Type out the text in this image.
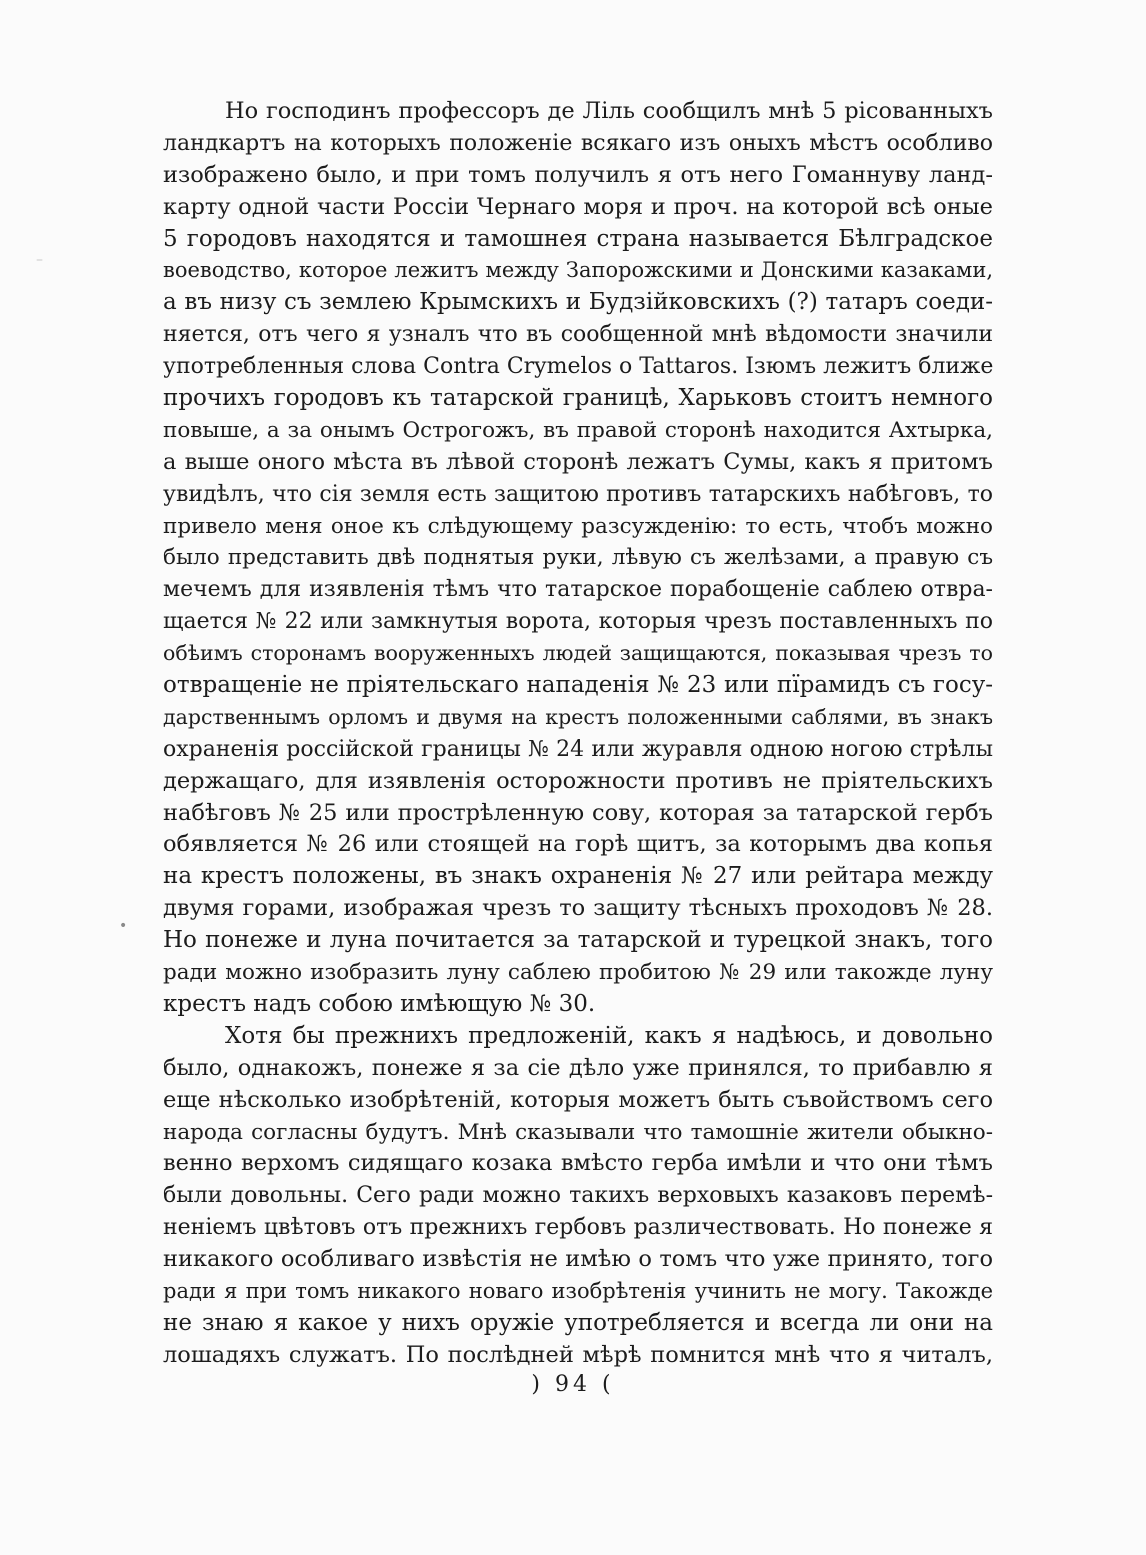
•
–
Но господинъ профессоръ де Ліль сообщилъ мнѣ 5 рісованныхъ
ландкартъ на которыхъ положеніе всякаго изъ оныхъ мѣстъ особливо
изображено было, и при томъ получилъ я отъ него Гоманнуву ланд-
карту одной части Россіи Чернаго моря и проч. на которой всѣ оные
5 городовъ находятся и тамошнея страна называется Бѣлградское
воеводство, которое лежитъ между Запорожскими и Донскими казаками,
а въ низу съ землею Крымскихъ и Будзійковскихъ (?) татаръ соеди-
няется, отъ чего я узналъ что въ сообщенной мнѣ вѣдомости значили
употребленныя слова Contra Crymelos о Tattaros. Ізюмъ лежитъ ближе
прочихъ городовъ къ татарской границѣ, Харьковъ стоитъ немного
повыше, а за онымъ Острогожъ, въ правой сторонѣ находится Ахтырка,
а выше оного мѣста въ лѣвой сторонѣ лежатъ Сумы, какъ я притомъ
увидѣлъ, что сія земля есть защитою противъ татарскихъ набѣговъ, то
привело меня оное къ слѣдующему разсужденію: то есть, чтобъ можно
было представить двѣ поднятыя руки, лѣвую съ желѣзами, а правую съ
мечемъ для изявленія тѣмъ что татарское порабощеніе саблею отвра-
щается № 22 или замкнутыя ворота, которыя чрезъ поставленныхъ по
обѣимъ сторонамъ вооруженныхъ людей защищаются, показывая чрезъ то
отвращеніе не пріятельскаго нападенія № 23 или пїрамидъ съ госу-
дарственнымъ орломъ и двумя на крестъ положенными саблями, въ знакъ
охраненія россійской границы № 24 или журавля одною ногою стрѣлы
держащаго, для изявленія осторожности противъ не пріятельскихъ
набѣговъ № 25 или прострѣленную сову, которая за татарской гербъ
обявляется № 26 или стоящей на горѣ щитъ, за которымъ два копья
на крестъ положены, въ знакъ охраненія № 27 или рейтара между
двумя горами, изображая чрезъ то защиту тѣсныхъ проходовъ № 28.
Но понеже и луна почитается за татарской и турецкой знакъ, того
ради можно изобразить луну саблею пробитою № 29 или такожде луну
крестъ надъ собою имѣющую № 30.
Хотя бы прежнихъ предложеній, какъ я надѣюсь, и довольно
было, однакожъ, понеже я за сіе дѣло уже принялся, то прибавлю я
еще нѣсколько изобрѣтеній, которыя можетъ быть съвойствомъ сего
народа согласны будутъ. Мнѣ сказывали что тамошніе жители обыкно-
венно верхомъ сидящаго козака вмѣсто герба имѣли и что они тѣмъ
были довольны. Сего ради можно такихъ верховыхъ казаковъ перемѣ-
неніемъ цвѣтовъ отъ прежнихъ гербовъ различествовать. Но понеже я
никакого особливаго извѣстія не имѣю о томъ что уже принято, того
ради я при томъ никакого новаго изобрѣтенія учинить не могу. Такожде
не знаю я какое у нихъ оружіе употребляется и всегда ли они на
лошадяхъ служатъ. По послѣдней мѣрѣ помнится мнѣ что я читалъ,
) 94 (
